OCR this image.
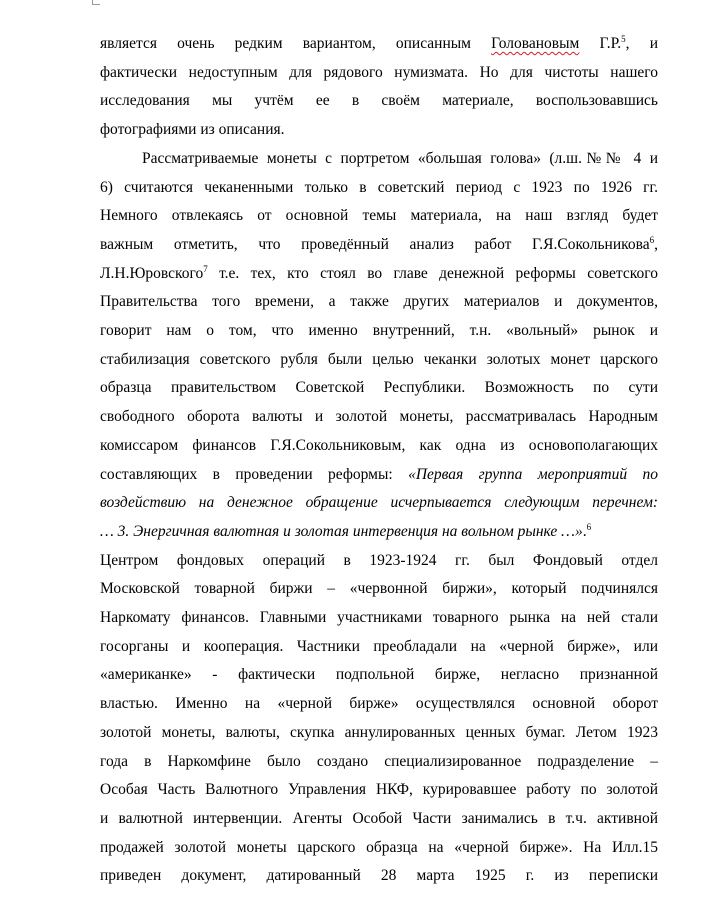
является очень редким вариантом, описанным Головановым Г.Р.$^5$, и

фактически недоступным для рядового нумизмата. Но для чистоты нашего

исследования мы учтём ее в своём материале, воспользовавшись

фотографиями из описания.

Рассматриваемые монеты с портретом «большая голова» (л.ш.№№ 4 и

6) считаются чеканенными только в советский период с 1923 по 1926 гг.

Немного отвлекаясь от основной темы материала, на наш взгляд будет

важным отметить, что проведённый анализ работ Г.Я.Сокольникова$^6$,

Л.Н.Юровского$^7$ т.е. тех, кто стоял во главе денежной реформы советского

Правительства того времени, а также других материалов и документов,

говорит нам о том, что именно внутренний, т.н. «вольный» рынок и

стабилизация советского рубля были целью чеканки золотых монет царского

образца правительством Советской Республики. Возможность по сути

свободного оборота валюты и золотой монеты, рассматривалась Народным

комиссаром финансов Г.Я.Сокольниковым, как одна из основополагающих

составляющих в проведении реформы: «Первая группа мероприятий по

воздействию на денежное обращение исчерпывается следующим перечнем:

… 3. Энергичная валютная и золотая интервенция на вольном рынке …».$^6$

Центром фондовых операций в 1923-1924 гг. был Фондовый отдел

Московской товарной биржи – «червонной биржи», который подчинялся

Наркомату финансов. Главными участниками товарного рынка на ней стали

госорганы и кооперация. Частники преобладали на «черной бирже», или

«американке» - фактически подпольной бирже, негласно признанной

властью. Именно на «черной бирже» осуществлялся основной оборот

золотой монеты, валюты, скупка аннулированных ценных бумаг. Летом 1923

года в Наркомфине было создано специализированное подразделение –

Особая Часть Валютного Управления НКФ, курировавшее работу по золотой

и валютной интервенции. Агенты Особой Части занимались в т.ч. активной

продажей золотой монеты царского образца на «черной бирже». На Илл.15

приведен документ, датированный 28 марта 1925 г. из переписки
